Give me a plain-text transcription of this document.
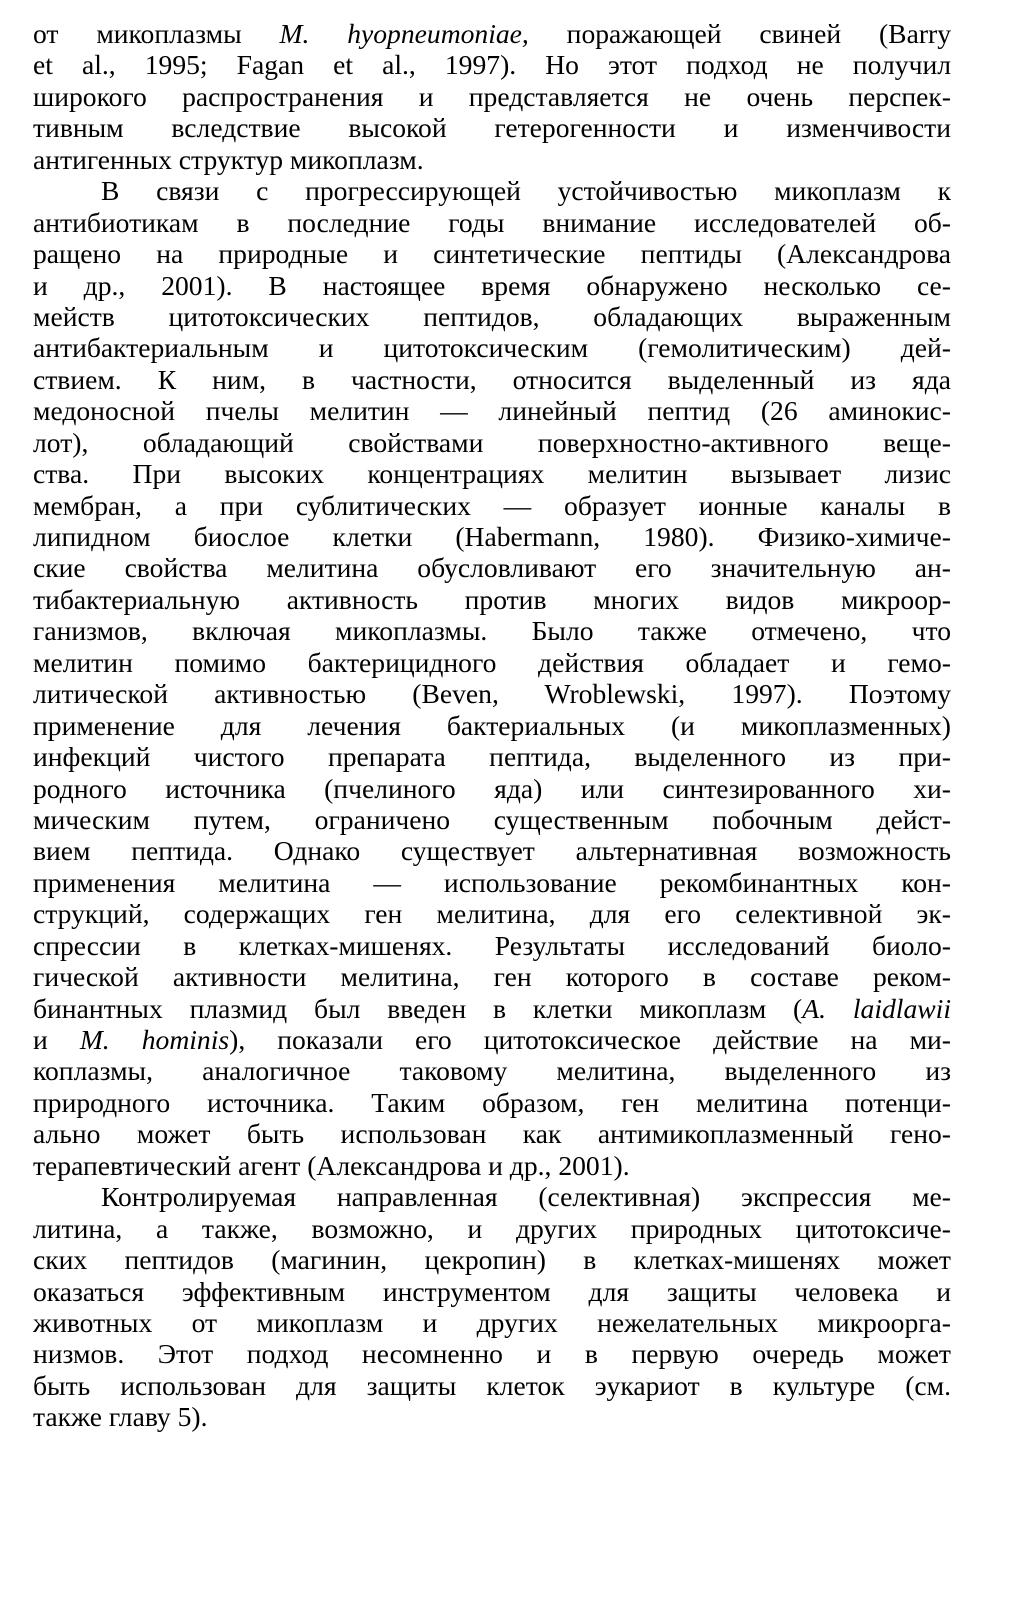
от микоплазмы M. hyopneumoniae, поражающей свиней (Barry
et al., 1995; Fagan et al., 1997). Но этот подход не получил
широкого распространения и представляется не очень перспек-
тивным вследствие высокой гетерогенности и изменчивости
антигенных структур микоплазм.
В связи с прогрессирующей устойчивостью микоплазм к
антибиотикам в последние годы внимание исследователей об-
ращено на природные и синтетические пептиды (Александрова
и др., 2001). В настоящее время обнаружено несколько се-
мейств цитотоксических пептидов, обладающих выраженным
антибактериальным и цитотоксическим (гемолитическим) дей-
ствием. К ним, в частности, относится выделенный из яда
медоносной пчелы мелитин — линейный пептид (26 аминокис-
лот), обладающий свойствами поверхностно-активного веще-
ства. При высоких концентрациях мелитин вызывает лизис
мембран, а при сублитических — образует ионные каналы в
липидном биослое клетки (Habermann, 1980). Физико-химиче-
ские свойства мелитина обусловливают его значительную ан-
тибактериальную активность против многих видов микроор-
ганизмов, включая микоплазмы. Было также отмечено, что
мелитин помимо бактерицидного действия обладает и гемо-
литической активностью (Beven, Wroblewski, 1997). Поэтому
применение для лечения бактериальных (и микоплазменных)
инфекций чистого препарата пептида, выделенного из при-
родного источника (пчелиного яда) или синтезированного хи-
мическим путем, ограничено существенным побочным дейст-
вием пептида. Однако существует альтернативная возможность
применения мелитина — использование рекомбинантных кон-
струкций, содержащих ген мелитина, для его селективной эк-
спрессии в клетках-мишенях. Результаты исследований биоло-
гической активности мелитина, ген которого в составе реком-
бинантных плазмид был введен в клетки микоплазм (A. laidlawii
и M. hominis), показали его цитотоксическое действие на ми-
коплазмы, аналогичное таковому мелитина, выделенного из
природного источника. Таким образом, ген мелитина потенци-
ально может быть использован как антимикоплазменный гено-
терапевтический агент (Александрова и др., 2001).
Контролируемая направленная (селективная) экспрессия ме-
литина, а также, возможно, и других природных цитотоксиче-
ских пептидов (магинин, цекропин) в клетках-мишенях может
оказаться эффективным инструментом для защиты человека и
животных от микоплазм и других нежелательных микроорга-
низмов. Этот подход несомненно и в первую очередь может
быть использован для защиты клеток эукариот в культуре (см.
также главу 5).
